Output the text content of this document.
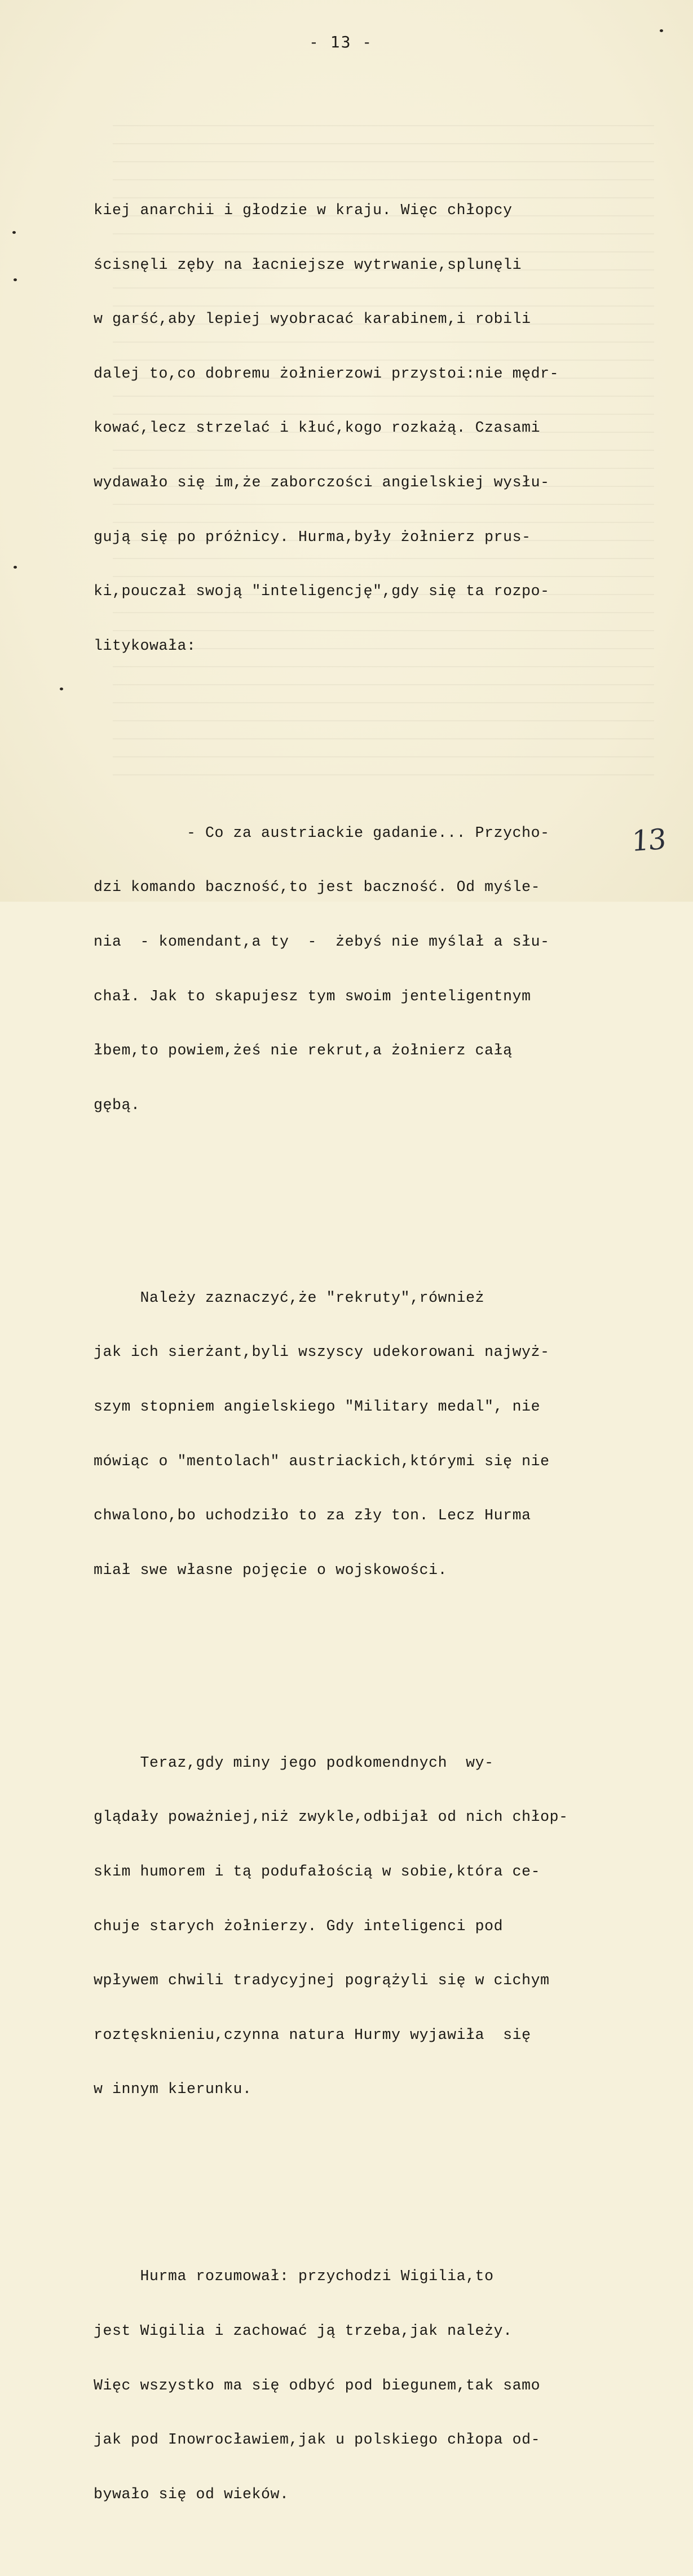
- 13 -

kiej anarchii i głodzie w kraju. Więc chłopcy

ścisnęli zęby na łacniejsze wytrwanie,splunęli

w garść,aby lepiej wyobracać karabinem,i robili

dalej to,co dobremu żołnierzowi przystoi:nie mędr-

kować,lecz strzelać i kłuć,kogo rozkażą. Czasami

wydawało się im,że zaborczości angielskiej wysłu-

gują się po próżnicy. Hurma,były żołnierz prus-

ki,pouczał swoją "inteligencję",gdy się ta rozpo-

litykowała:

- Co za austriackie gadanie... Przycho-

dzi komando baczność,to jest baczność. Od myśle-

nia  - komendant,a ty  -  żebyś nie myślał a słu-

chał. Jak to skapujesz tym swoim jenteligentnym

łbem,to powiem,żeś nie rekrut,a żołnierz całą

gębą.

Należy zaznaczyć,że "rekruty",również

jak ich sierżant,byli wszyscy udekorowani najwyż-

szym stopniem angielskiego "Military medal", nie

mówiąc o "mentolach" austriackich,którymi się nie

chwalono,bo uchodziło to za zły ton. Lecz Hurma

miał swe własne pojęcie o wojskowości.

Teraz,gdy miny jego podkomendnych  wy-

glądały poważniej,niż zwykle,odbijał od nich chłop-

skim humorem i tą podufałością w sobie,która ce-

chuje starych żołnierzy. Gdy inteligenci pod

wpływem chwili tradycyjnej pogrążyli się w cichym

roztęsknieniu,czynna natura Hurmy wyjawiła  się

w innym kierunku.

Hurma rozumował: przychodzi Wigilia,to

jest Wigilia i zachować ją trzeba,jak należy.

Więc wszystko ma się odbyć pod biegunem,tak samo

jak pod Inowrocławiem,jak u polskiego chłopa od-

bywało się od wieków.

13
